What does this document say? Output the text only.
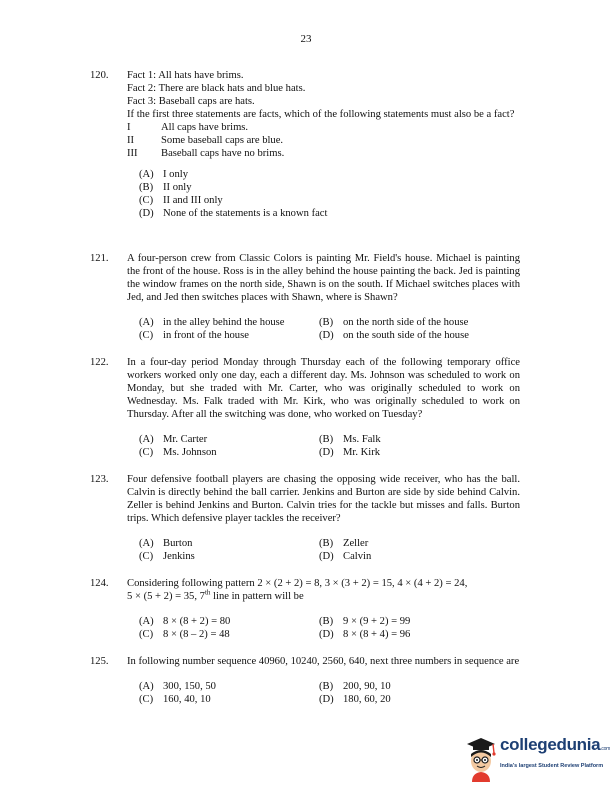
23
120.	Fact 1: All hats have brims.

Fact 2: There are black hats and blue hats.

Fact 3: Baseball caps are hats.

If the first three statements are facts, which of the following statements must also be a fact?

I	All caps have brims.
II	Some baseball caps are blue.
III	Baseball caps have no brims.
(A) I only
(B) II only
(C) II and III only
(D) None of the statements is a known fact
121.	A four-person crew from Classic Colors is painting Mr. Field's house. Michael is painting the front of the house. Ross is in the alley behind the house painting the back. Jed is painting the window frames on the north side, Shawn is on the south. If Michael switches places with Jed, and Jed then switches places with Shawn, where is Shawn?

(A) in the alley behind the house	(B) on the north side of the house
(C) in front of the house	(D) on the south side of the house
122.	In a four-day period Monday through Thursday each of the following temporary office workers worked only one day, each a different day. Ms. Johnson was scheduled to work on Monday, but she traded with Mr. Carter, who was originally scheduled to work on Wednesday. Ms. Falk traded with Mr. Kirk, who was originally scheduled to work on Thursday. After all the switching was done, who worked on Tuesday?

(A) Mr. Carter	(B) Ms. Falk
(C) Ms. Johnson	(D) Mr. Kirk
123.	Four defensive football players are chasing the opposing wide receiver, who has the ball. Calvin is directly behind the ball carrier. Jenkins and Burton are side by side behind Calvin. Zeller is behind Jenkins and Burton. Calvin tries for the tackle but misses and falls. Burton trips. Which defensive player tackles the receiver?

(A) Burton	(B) Zeller
(C) Jenkins	(D) Calvin
124.	Considering following pattern 2 × (2 + 2) = 8, 3 × (3 + 2) = 15, 4 × (4 + 2) = 24,

5 × (5 + 2) = 35, 7th line in pattern will be

(A) 8 × (8 + 2) = 80	(B) 9 × (9 + 2) = 99
(C) 8 × (8 – 2) = 48	(D) 8 × (8 + 4) = 96
125.	In following number sequence 40960, 10240, 2560, 640, next three numbers in sequence are

(A) 300, 150, 50	(B) 200, 90, 10
(C) 160, 40, 10	(D) 180, 60, 20
collegedunia.com
India's largest Student Review Platform
